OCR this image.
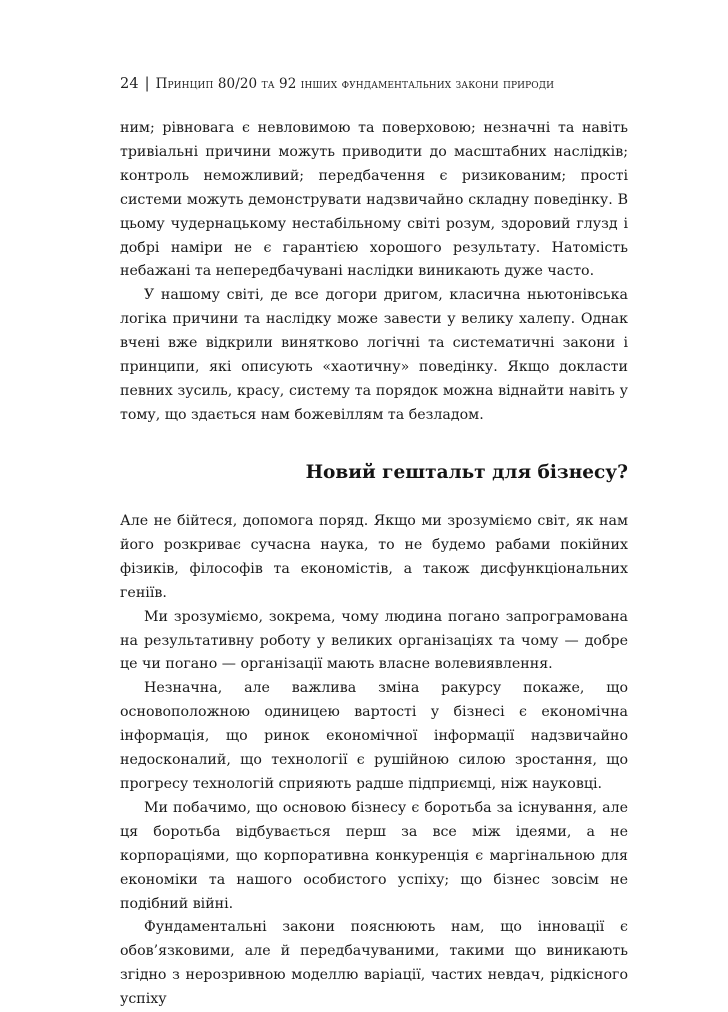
24 | Принцип 80/20 та 92 інших фундаментальних закони природи

ним; рівновага є невловимою та поверховою; незначні та навіть тривіальні причини можуть приводити до масштабних наслідків; контроль неможливий; передбачення є ризикованим; прості системи можуть демонструвати надзвичайно складну поведінку. В цьому чудернацькому нестабільному світі розум, здоровий глузд і добрі наміри не є гарантією хорошого результату. Натомість небажані та непередбачувані наслідки виникають дуже часто.

У нашому світі, де все догори дригом, класична ньютонівська логіка причини та наслідку може завести у велику халепу. Однак вчені вже відкрили винятково логічні та систематичні закони і принципи, які описують «хаотичну» поведінку. Якщо докласти певних зусиль, красу, систему та порядок можна віднайти навіть у тому, що здається нам божевіллям та безладом.

Новий гештальт для бізнесу?

Але не бійтеся, допомога поряд. Якщо ми зрозуміємо світ, як нам його розкриває сучасна наука, то не будемо рабами покійних фізиків, філософів та економістів, а також дисфункціональних геніїв.

Ми зрозуміємо, зокрема, чому людина погано запрограмована на результативну роботу у великих організаціях та чому — добре це чи погано — організації мають власне волевиявлення.

Незначна, але важлива зміна ракурсу покаже, що основоположною одиницею вартості у бізнесі є економічна інформація, що ринок економічної інформації надзвичайно недосконалий, що технології є рушійною силою зростання, що прогресу технологій сприяють радше підприємці, ніж науковці.

Ми побачимо, що основою бізнесу є боротьба за існування, але ця боротьба відбувається перш за все між ідеями, а не корпораціями, що корпоративна конкуренція є маргінальною для економіки та нашого особистого успіху; що бізнес зовсім не подібний війні.

Фундаментальні закони пояснюють нам, що інновації є обов’язковими, але й передбачуваними, такими що виникають згідно з нерозривною моделлю варіації, частих невдач, рідкісного успіху
